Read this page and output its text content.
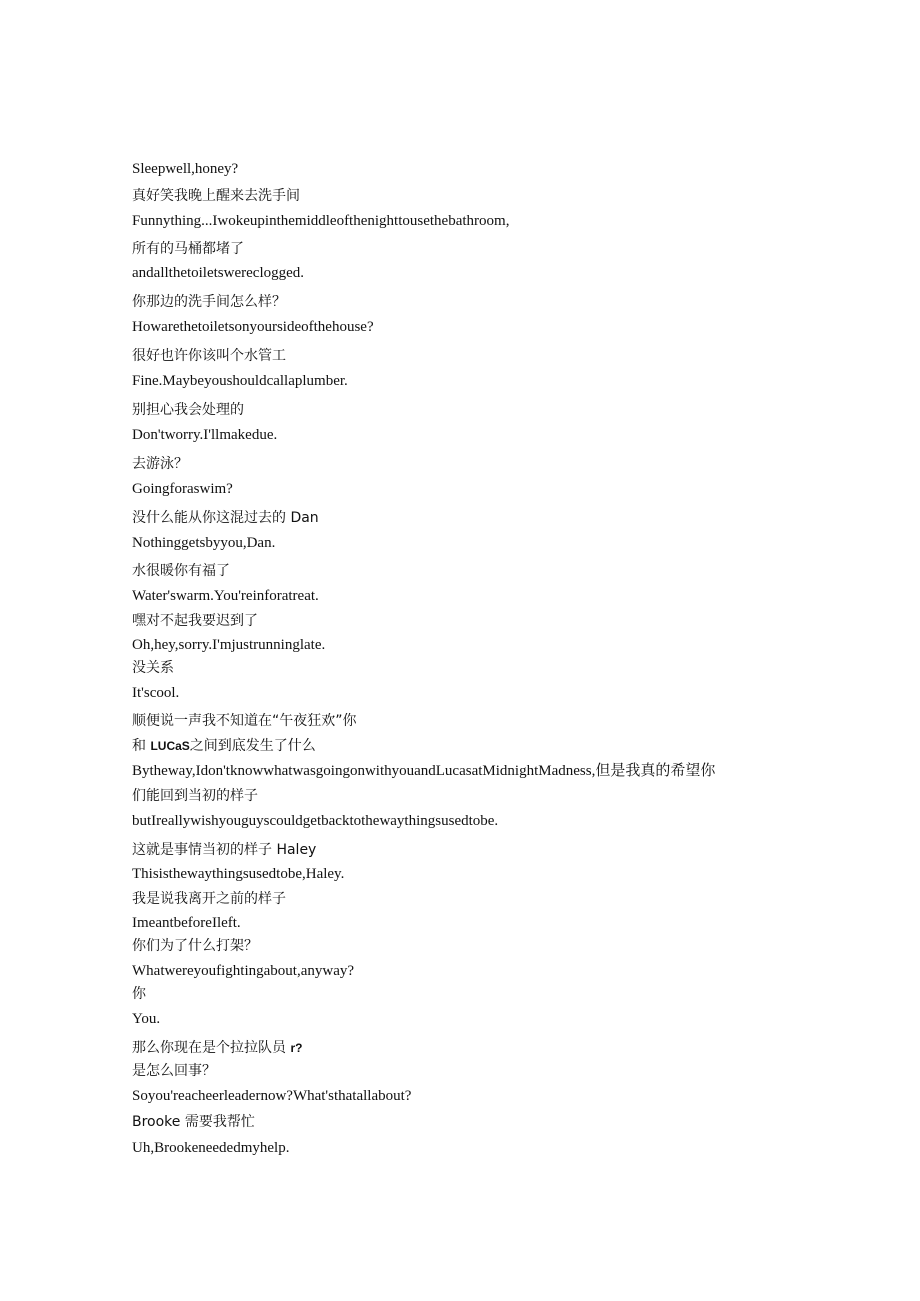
Sleepwell,honey?
真好笑我晚上醒来去洗手间
Funnything...Iwokeupinthemiddleofthenighttousethebathroom,
所有的马桶都堵了
andallthetoiletswereclogged.
你那边的洗手间怎么样？
Howarethetoiletsonyoursideofthehouse?
很好也许你该叫个水管工
Fine.Maybeyoushouldcallaplumber.
别担心我会处理的
Don'tworry.I'llmakedue.
去游泳？
Goingforaswim?
没什么能从你这混过去的 Dan
Nothinggetsbyyou,Dan.
水很暖你有福了
Water'swarm.You'reinforatreat.
嘿对不起我要迟到了
Oh,hey,sorry.I'mjustrunninglate.
没关系
It'scool.
顺便说一声我不知道在“午夜狂欢”你
和 LUCaS之间到底发生了什么
Bytheway,Idon'tknowwhatwasgoingonwithyouandLucasatMidnightMadness,但是我真的希望你
们能回到当初的样子
butIreallywishyouguyscouldgetbacktothewaythingsusedtobe.
这就是事情当初的样子 Haley
Thisisthewaythingsusedtobe,Haley.
我是说我离开之前的样子
ImeantbeforeIleft.
你们为了什么打架？
Whatwereyoufightingabout,anyway?
你
You.
那么你现在是个拉拉队员 r?
是怎么回事？
Soyou'reacheerleadernow?What'sthatallabout?
Brooke 需要我帮忙
Uh,Brookeneededmyhelp.
